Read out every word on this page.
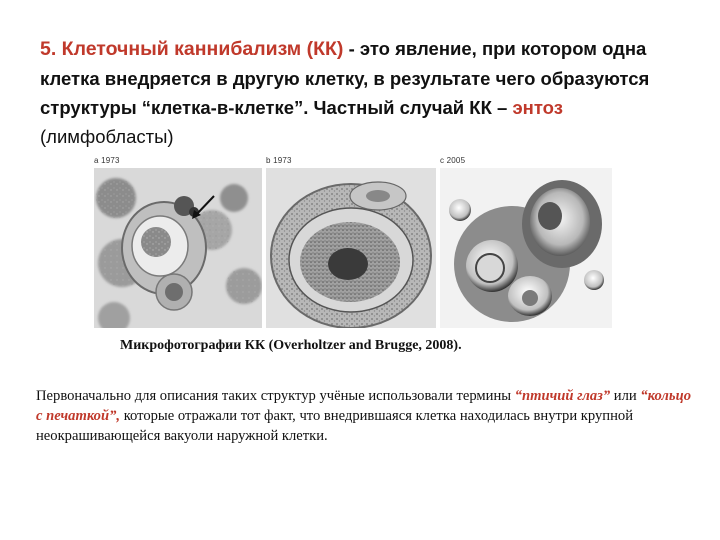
5. Клеточный каннибализм (КК) - это явление, при котором одна клетка внедряется в другую клетку, в результате чего образуются структуры “клетка-в-клетке”. Частный случай КК – энтоз (лимфобласты)
a 1973	b 1973	c 2005
Микрофотографии КК (Overholtzer and Brugge, 2008).
Первоначально для описания таких структур учёные использовали термины “птичий глаз” или “кольцо с печаткой”, которые отражали тот факт, что внедрившаяся клетка находилась внутри крупной неокрашивающейся вакуоли наружной клетки.
